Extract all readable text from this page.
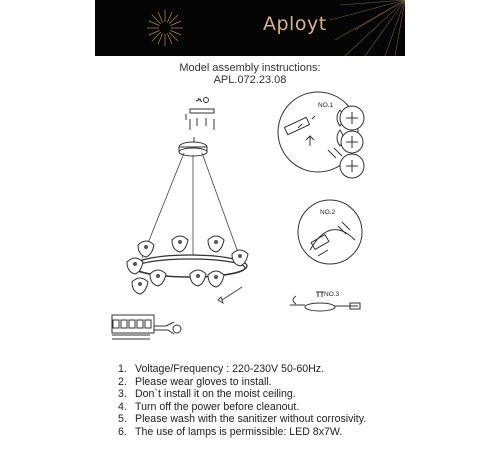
Aployt
Model assembly instructions:
APL.072.23.08
NO.1
NO.2
NO.3
1. Voltage/Frequency : 220-230V 50-60Hz.
2. Please wear gloves to install.
3. Don`t install it on the moist ceiling.
4. Turn off the power before cleanout.
5. Please wash with the sanitizer without corrosivity.
6. The use of lamps is permissible: LED 8x7W.
